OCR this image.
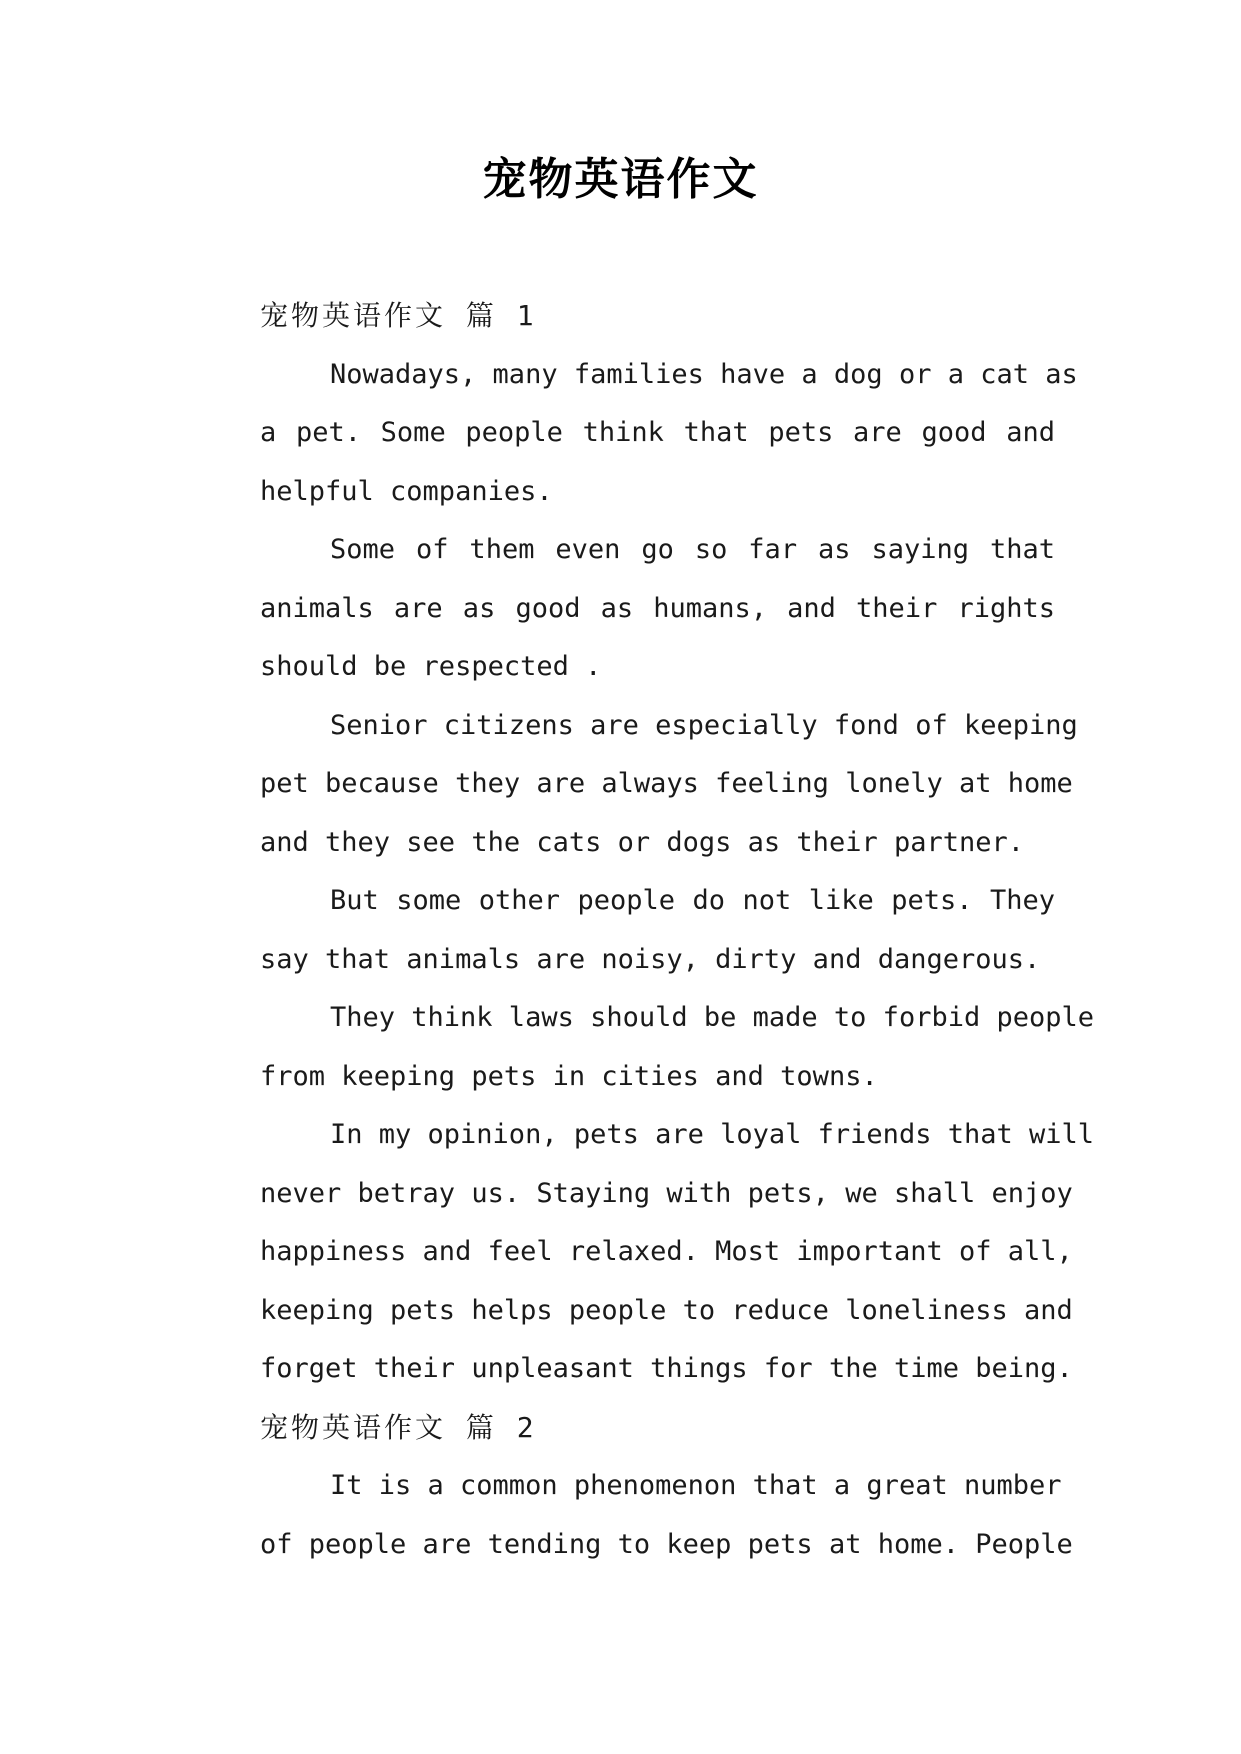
宠物英语作文
宠物英语作文 篇 1
Nowadays, many families have a dog or a cat as
a pet. Some people think that pets are good and
helpful companies.
Some of them even go so far as saying that
animals are as good as humans, and their rights
should be respected .
Senior citizens are especially fond of keeping
pet because they are always feeling lonely at home
and they see the cats or dogs as their partner.
But some other people do not like pets. They
say that animals are noisy, dirty and dangerous.
They think laws should be made to forbid people
from keeping pets in cities and towns.
In my opinion, pets are loyal friends that will
never betray us. Staying with pets, we shall enjoy
happiness and feel relaxed. Most important of all,
keeping pets helps people to reduce loneliness and
forget their unpleasant things for the time being.
宠物英语作文 篇 2
It is a common phenomenon that a great number
of people are tending to keep pets at home. People
